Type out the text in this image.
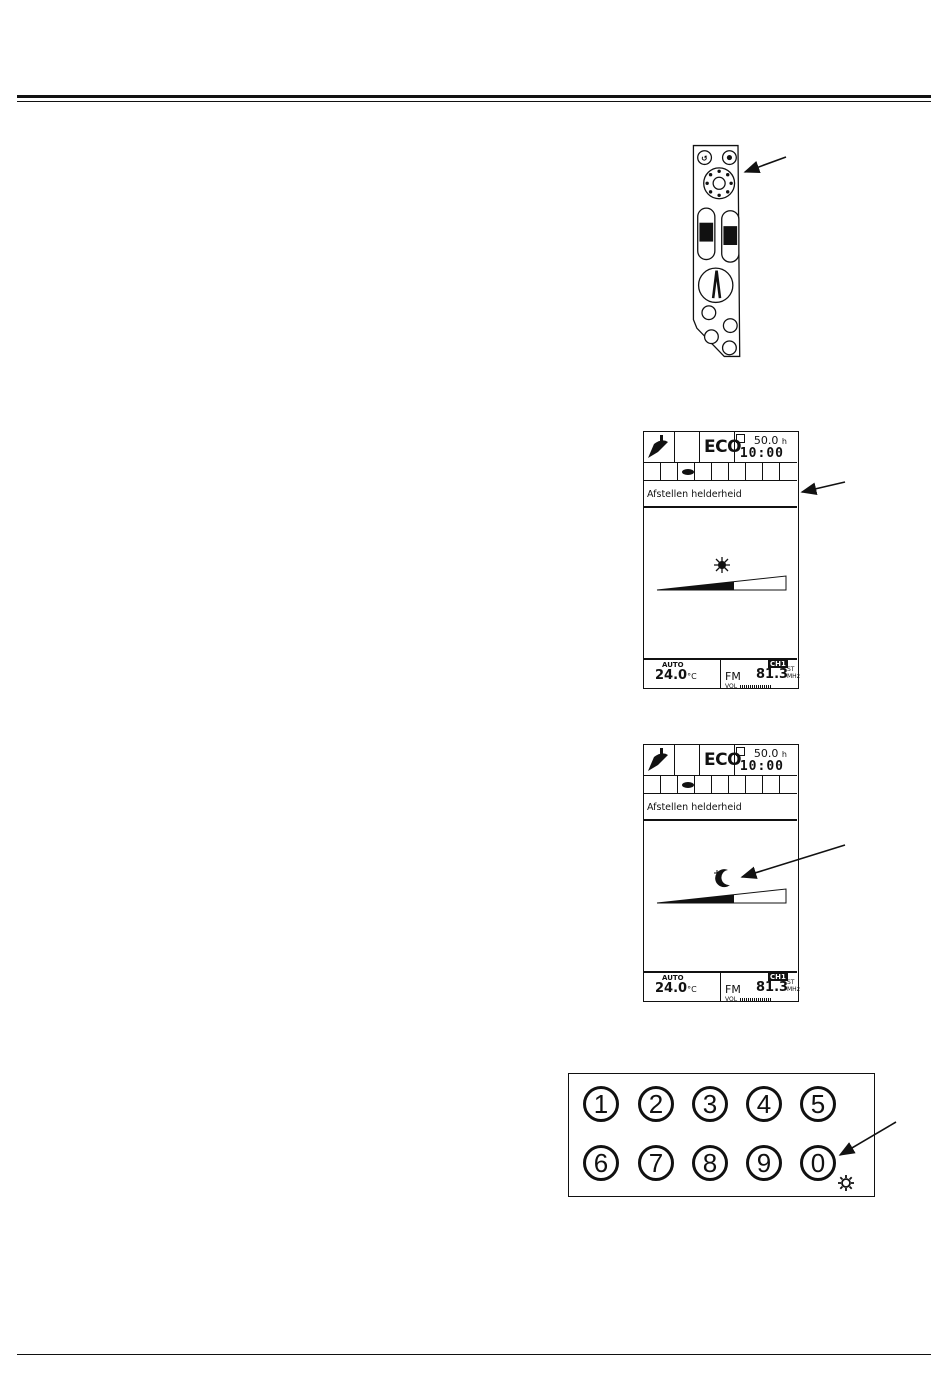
↺
ECO 50.0 h
10:00
Afstellen helderheid
AUTO
24.0°C
CH1
FM 81.3
ST
MHz
VOL
ECO 50.0 h
10:00
Afstellen helderheid
AUTO
24.0°C
CH1
FM 81.3
ST
MHz
VOL
1	2	3	4	5
6	7	8	9	0
